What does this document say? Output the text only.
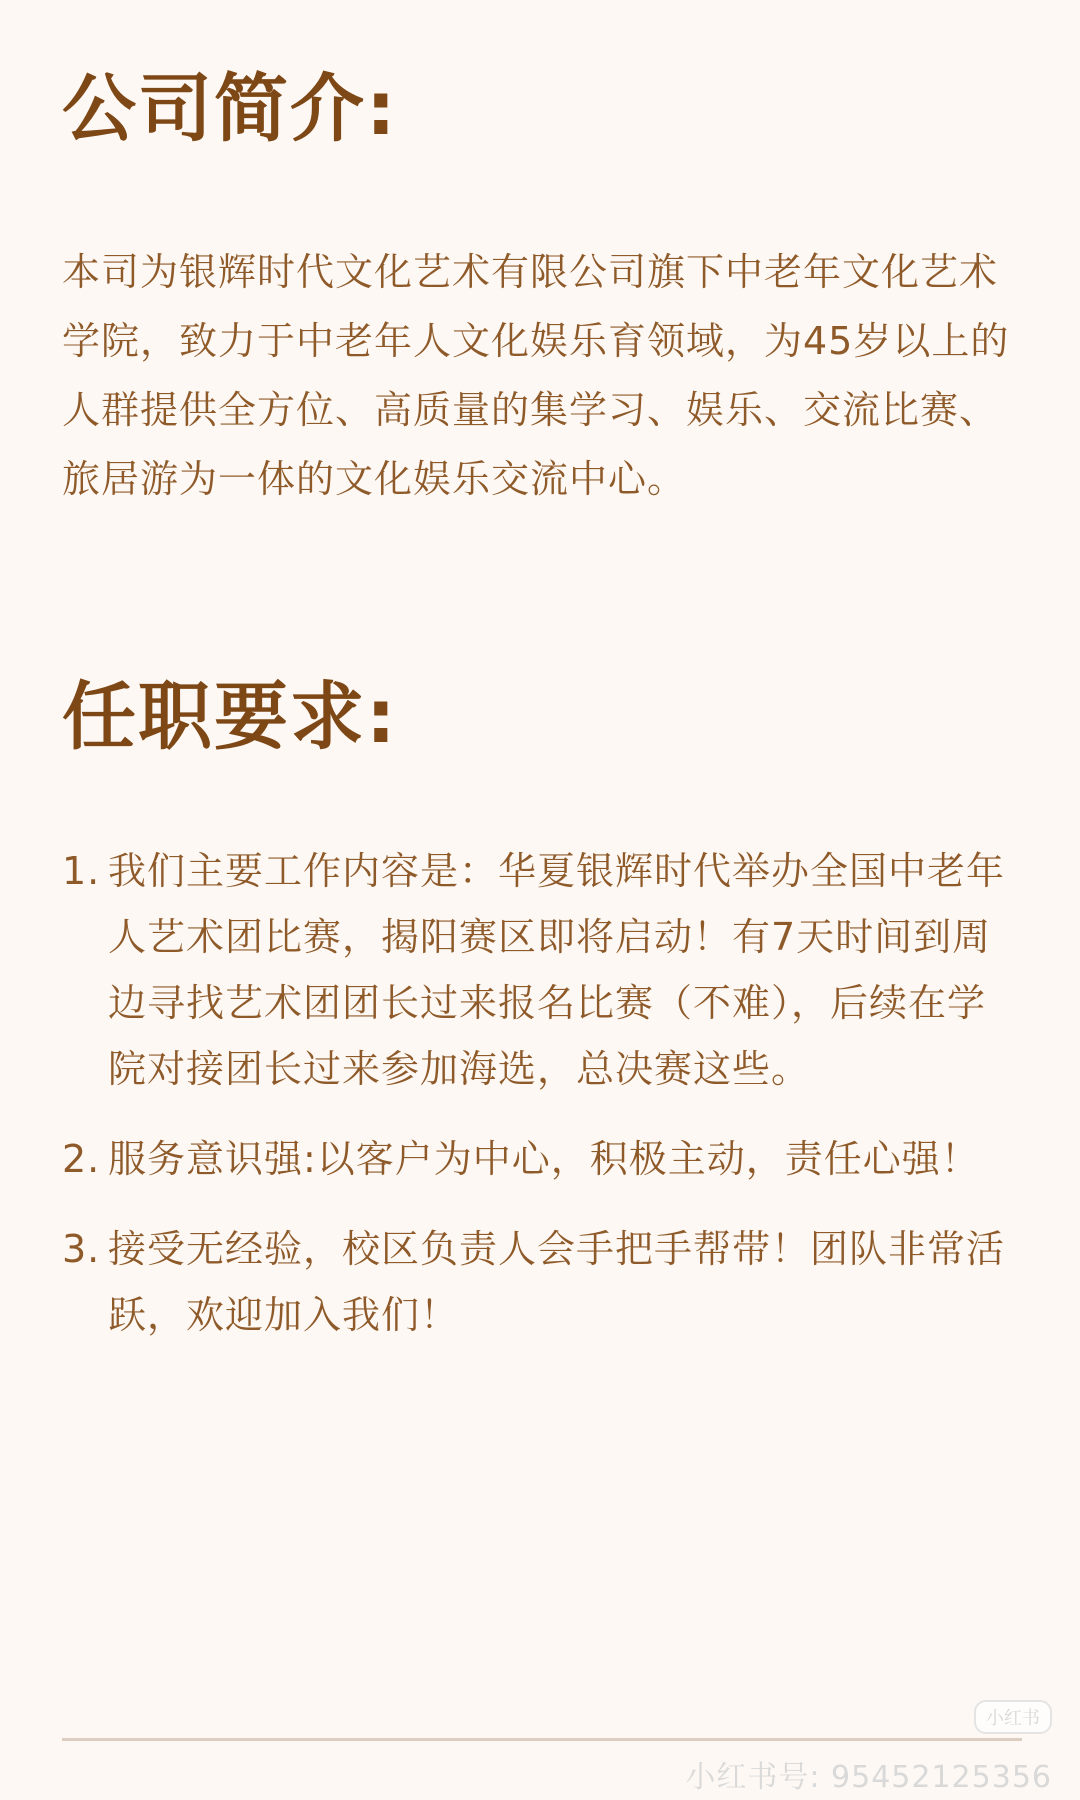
公司简介:

本司为银辉时代文化艺术有限公司旗下中老年文化艺术学院，致力于中老年人文化娱乐育领域，为45岁以上的人群提供全方位、高质量的集学习、娱乐、交流比赛、旅居游为一体的文化娱乐交流中心。

任职要求:
1. 我们主要工作内容是：华夏银辉时代举办全国中老年人艺术团比赛，揭阳赛区即将启动！有7天时间到周边寻找艺术团团长过来报名比赛（不难），后续在学院对接团长过来参加海选，总决赛这些。
2. 服务意识强:以客户为中心，积极主动，责任心强！
3. 接受无经验，校区负责人会手把手帮带！团队非常活跃，欢迎加入我们！
小红书
小红书号: 95452125356
